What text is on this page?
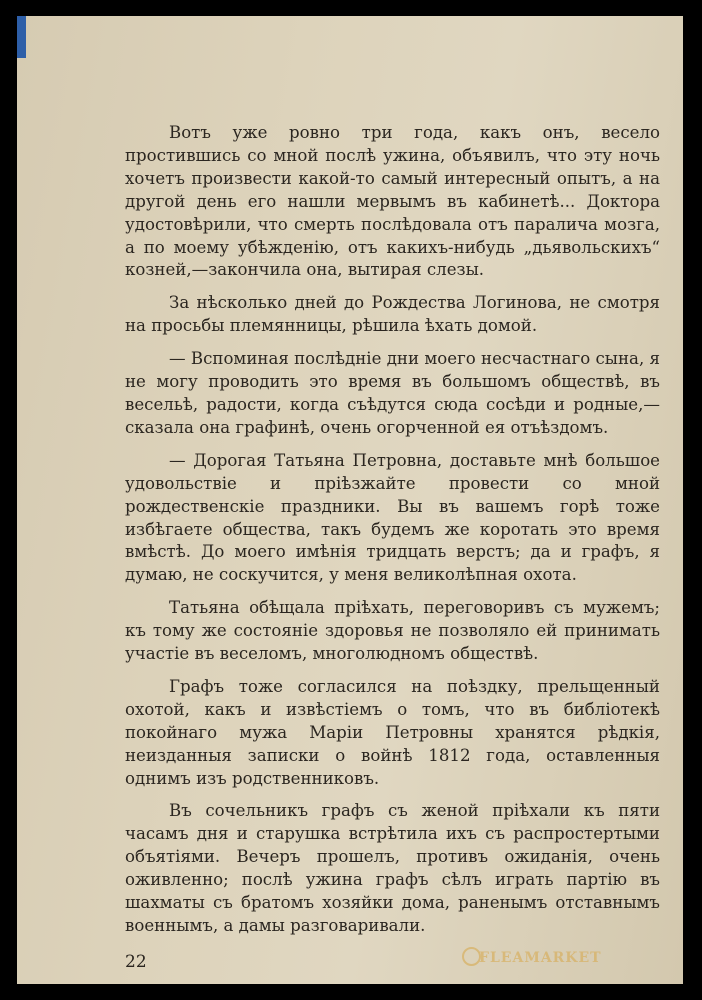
Вотъ уже ровно три года, какъ онъ, весело простившись со мной послѣ ужина, объявилъ, что эту ночь хочетъ произвести какой-то самый интересный опытъ, а на другой день его нашли мервымъ въ кабинетѣ... Доктора удостовѣрили, что смерть послѣдовала отъ паралича мозга, а по моему убѣжденію, отъ какихъ-нибудь „дьявольскихъ“ козней,—закончила она, вытирая слезы.

За нѣсколько дней до Рождества Логинова, не смотря на просьбы племянницы, рѣшила ѣхать домой.

— Вспоминая послѣдніе дни моего несчастнаго сына, я не могу проводить это время въ большомъ обществѣ, въ весельѣ, радости, когда съѣдутся сюда сосѣди и родные,—сказала она графинѣ, очень огорченной ея отъѣздомъ.

— Дорогая Татьяна Петровна, доставьте мнѣ большое удовольствіе и пріѣзжайте провести со мной рождественскіе праздники. Вы въ вашемъ горѣ тоже избѣгаете общества, такъ будемъ же коротать это время вмѣстѣ. До моего имѣнія тридцать верстъ; да и графъ, я думаю, не соскучится, у меня великолѣпная охота.

Татьяна обѣщала пріѣхать, переговоривъ съ мужемъ; къ тому же состояніе здоровья не позволяло ей принимать участіе въ веселомъ, многолюдномъ обществѣ.

Графъ тоже согласился на поѣздку, прельщенный охотой, какъ и извѣстіемъ о томъ, что въ библіотекѣ покойнаго мужа Маріи Петровны хранятся рѣдкія, неизданныя записки о войнѣ 1812 года, оставленныя однимъ изъ родственниковъ.

Въ сочельникъ графъ съ женой пріѣхали къ пяти часамъ дня и старушка встрѣтила ихъ съ распростертыми объятіями. Вечеръ прошелъ, противъ ожиданія, очень оживленно; послѣ ужина графъ сѣлъ играть партію въ шахматы съ братомъ хозяйки дома, раненымъ отставнымъ военнымъ, а дамы разговаривали.

22	FLEAMARKET
